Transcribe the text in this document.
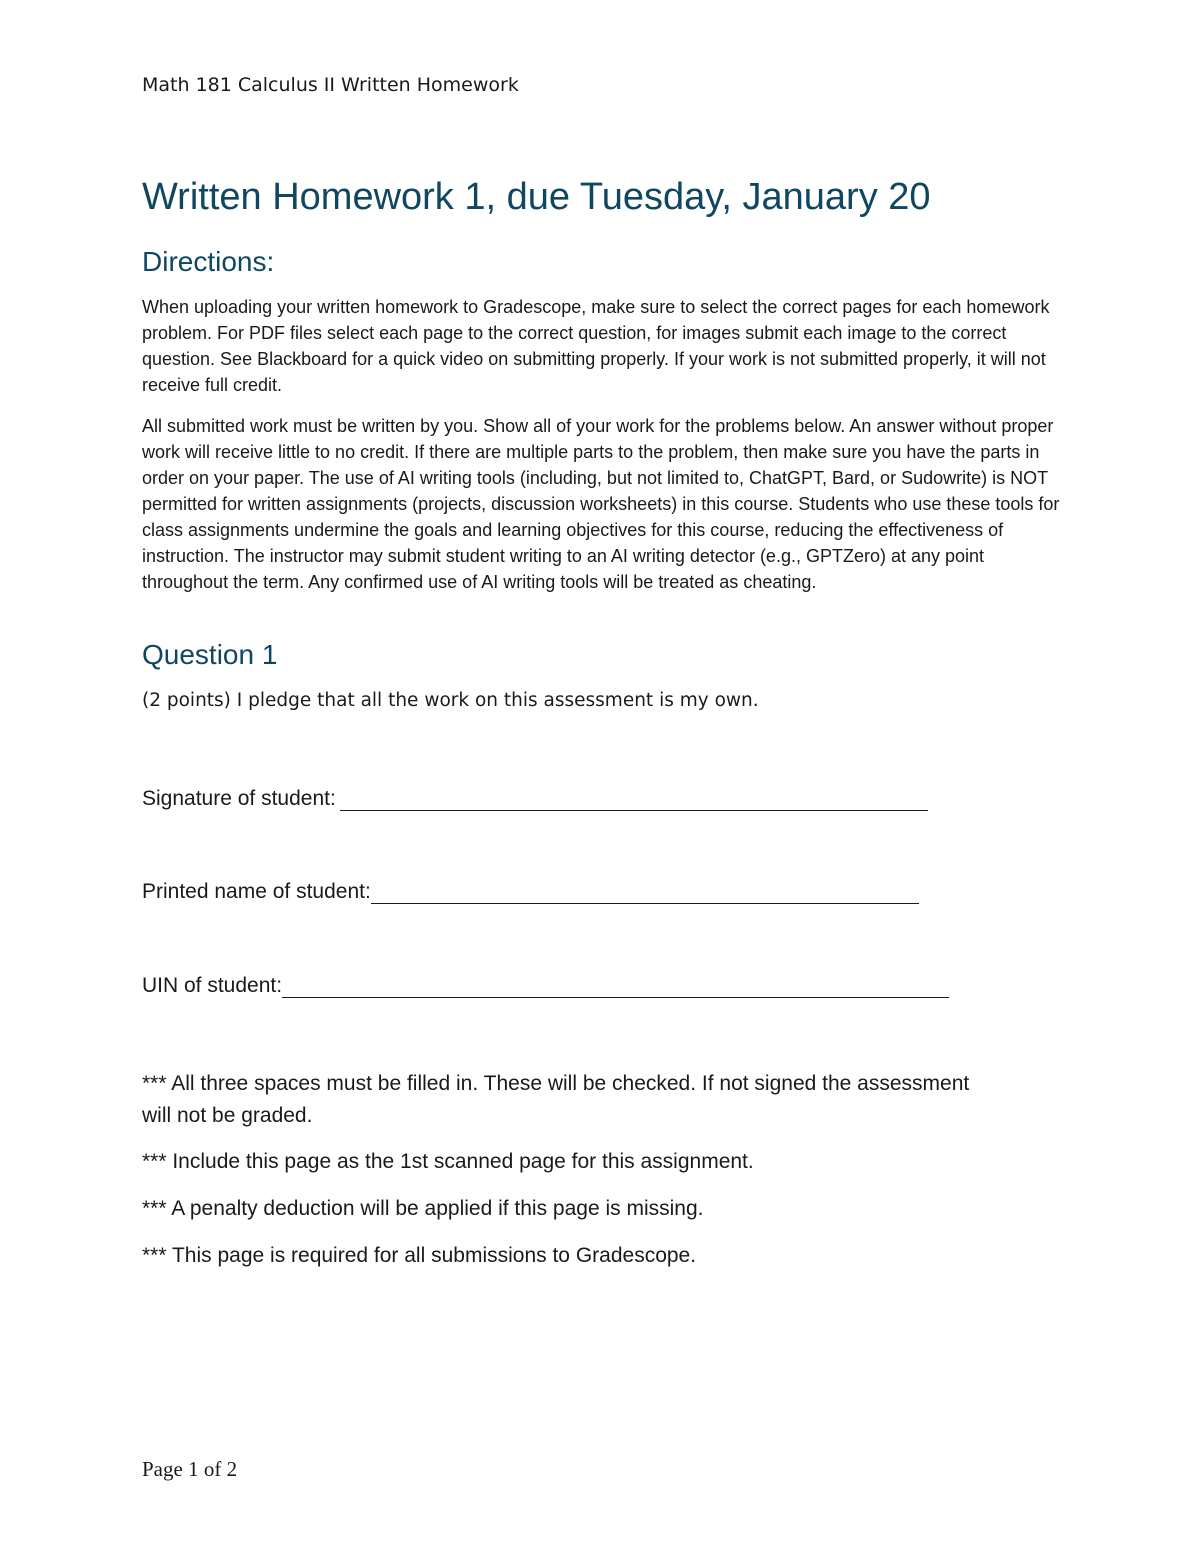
Math 181 Calculus II Written Homework
Written Homework 1, due Tuesday, January 20
Directions:
When uploading your written homework to Gradescope, make sure to select the correct pages for each homework problem. For PDF files select each page to the correct question, for images submit each image to the correct question. See Blackboard for a quick video on submitting properly. If your work is not submitted properly, it will not receive full credit.
All submitted work must be written by you. Show all of your work for the problems below. An answer without proper work will receive little to no credit. If there are multiple parts to the problem, then make sure you have the parts in order on your paper. The use of AI writing tools (including, but not limited to, ChatGPT, Bard, or Sudowrite) is NOT permitted for written assignments (projects, discussion worksheets) in this course. Students who use these tools for class assignments undermine the goals and learning objectives for this course, reducing the effectiveness of instruction. The instructor may submit student writing to an AI writing detector (e.g., GPTZero) at any point throughout the term. Any confirmed use of AI writing tools will be treated as cheating.
Question 1
(2 points) I pledge that all the work on this assessment is my own.
Signature of student:
Printed name of student:
UIN of student:
*** All three spaces must be filled in. These will be checked. If not signed the assessment will not be graded.
*** Include this page as the 1st scanned page for this assignment.
*** A penalty deduction will be applied if this page is missing.
*** This page is required for all submissions to Gradescope.
Page 1 of 2
